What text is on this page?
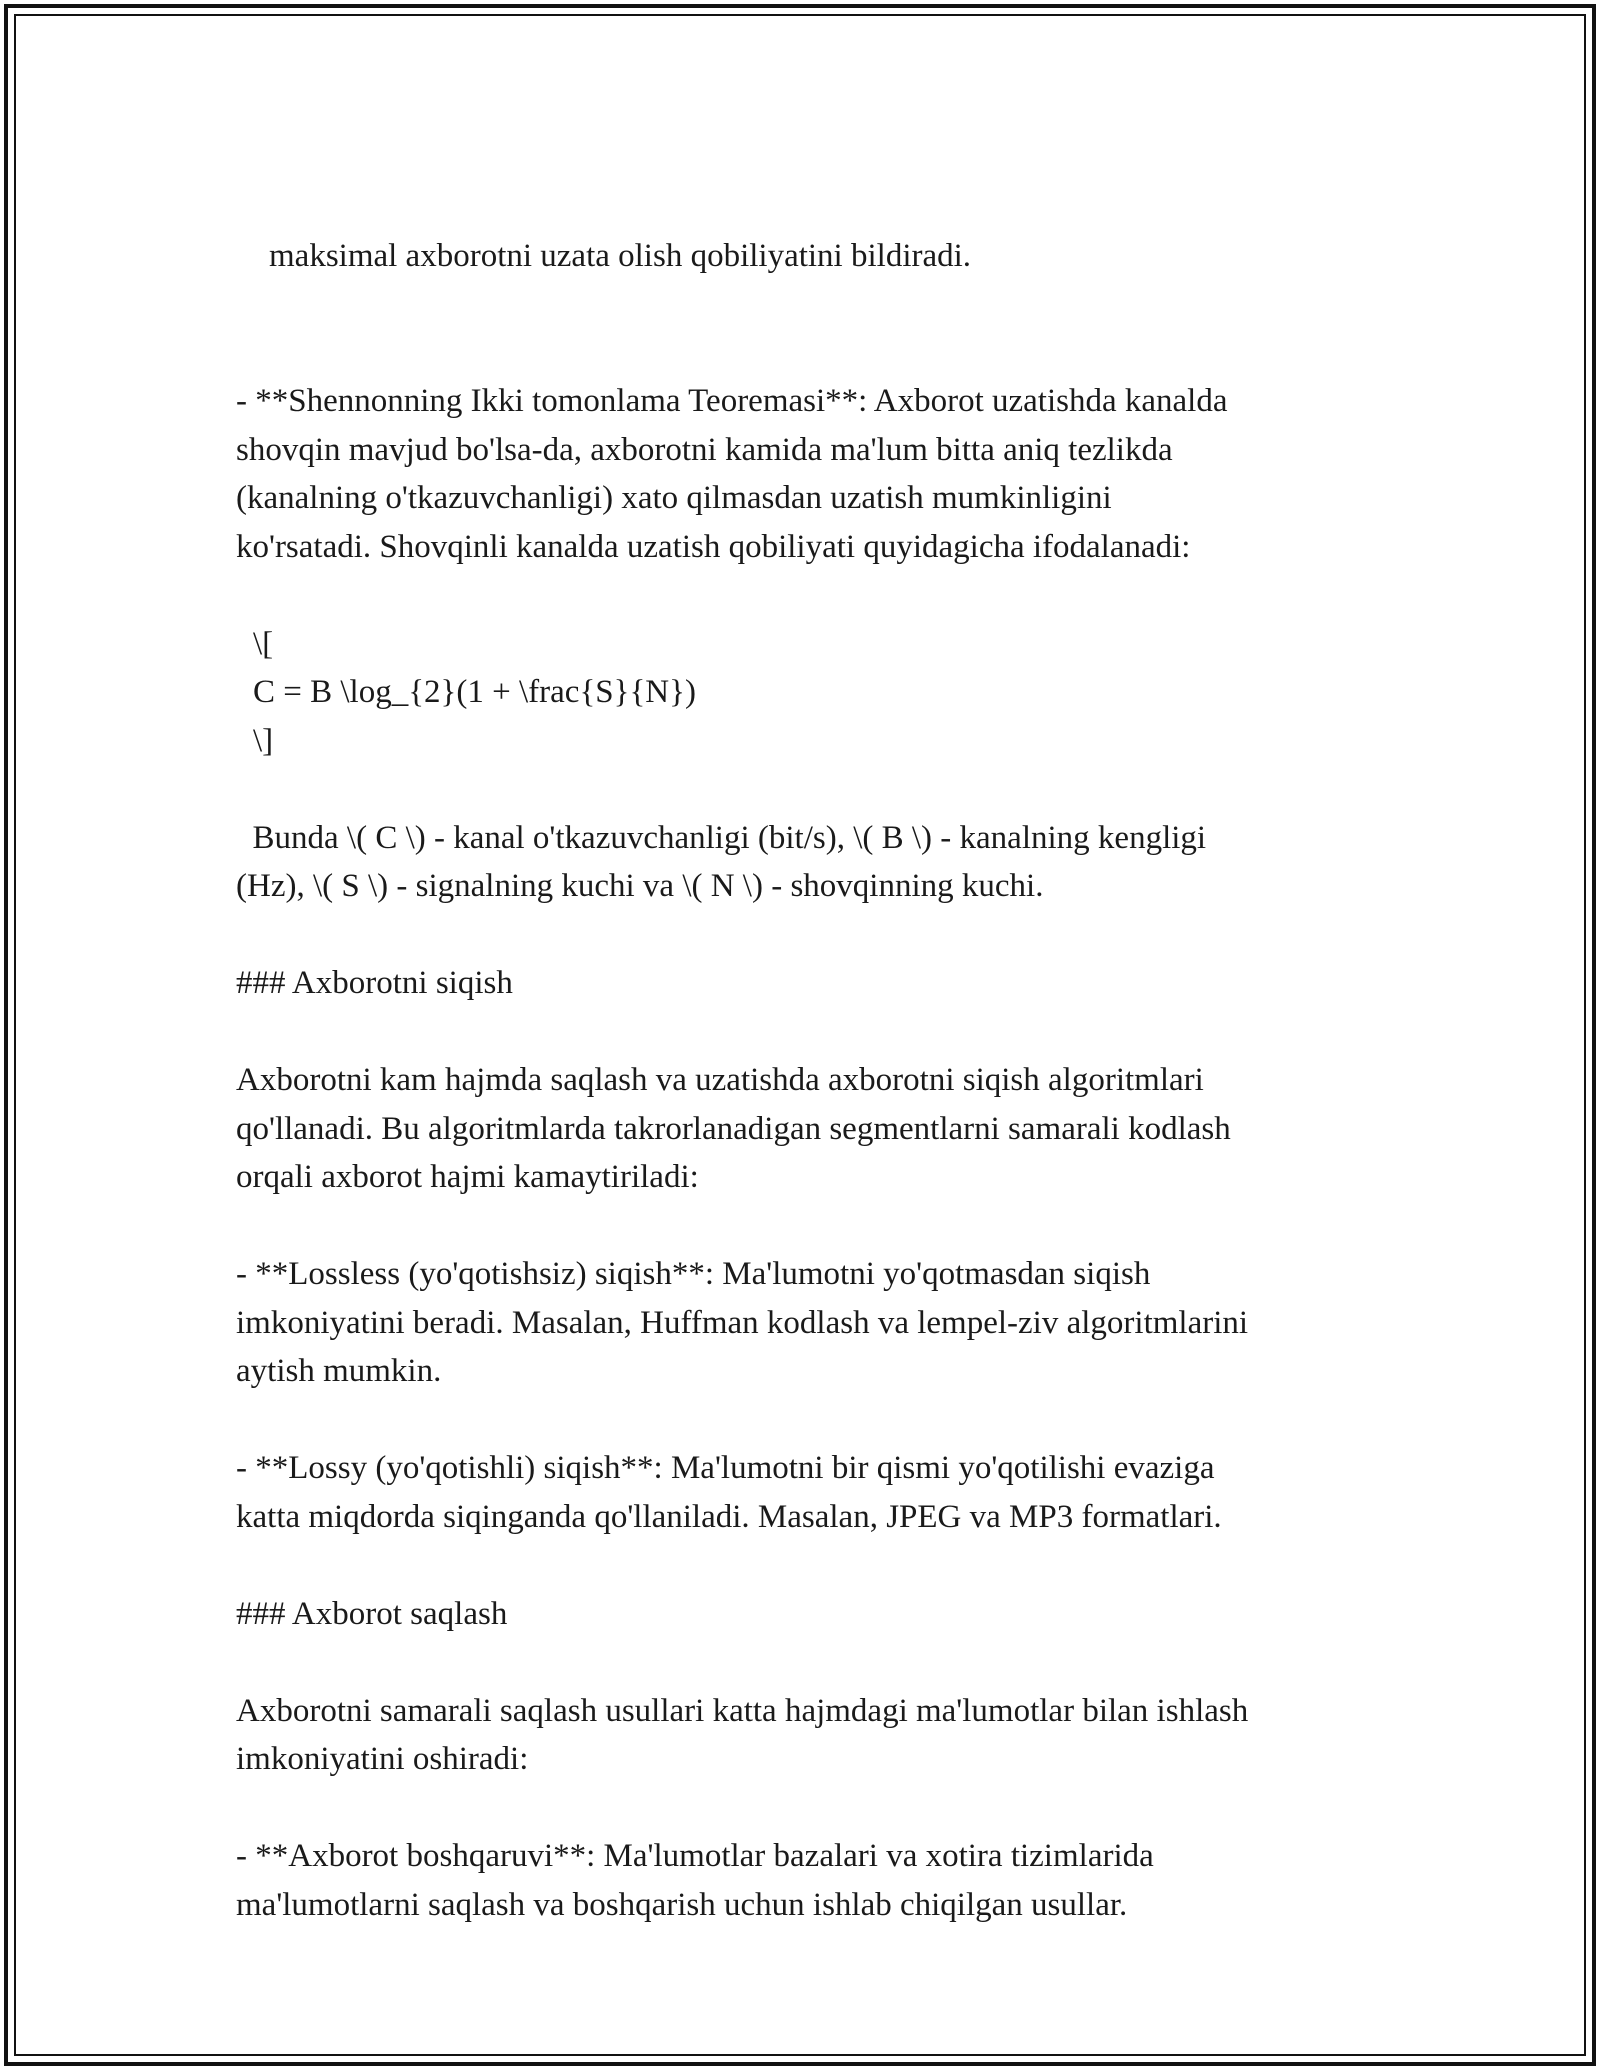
maksimal axborotni uzata olish qobiliyatini bildiradi.

- **Shennonning Ikki tomonlama Teoremasi**: Axborot uzatishda kanalda
shovqin mavjud bo'lsa-da, axborotni kamida ma'lum bitta aniq tezlikda
(kanalning o'tkazuvchanligi) xato qilmasdan uzatish mumkinligini
ko'rsatadi. Shovqinli kanalda uzatish qobiliyati quyidagicha ifodalanadi:

\[
C = B \log_{2}(1 + \frac{S}{N})
\]

Bunda \( C \) - kanal o'tkazuvchanligi (bit/s), \( B \) - kanalning kengligi
(Hz), \( S \) - signalning kuchi va \( N \) - shovqinning kuchi.

### Axborotni siqish

Axborotni kam hajmda saqlash va uzatishda axborotni siqish algoritmlari
qo'llanadi. Bu algoritmlarda takrorlanadigan segmentlarni samarali kodlash
orqali axborot hajmi kamaytiriladi:

- **Lossless (yo'qotishsiz) siqish**: Ma'lumotni yo'qotmasdan siqish
imkoniyatini beradi. Masalan, Huffman kodlash va lempel-ziv algoritmlarini
aytish mumkin.

- **Lossy (yo'qotishli) siqish**: Ma'lumotni bir qismi yo'qotilishi evaziga
katta miqdorda siqinganda qo'llaniladi. Masalan, JPEG va MP3 formatlari.

### Axborot saqlash

Axborotni samarali saqlash usullari katta hajmdagi ma'lumotlar bilan ishlash
imkoniyatini oshiradi:

- **Axborot boshqaruvi**: Ma'lumotlar bazalari va xotira tizimlarida
ma'lumotlarni saqlash va boshqarish uchun ishlab chiqilgan usullar.
